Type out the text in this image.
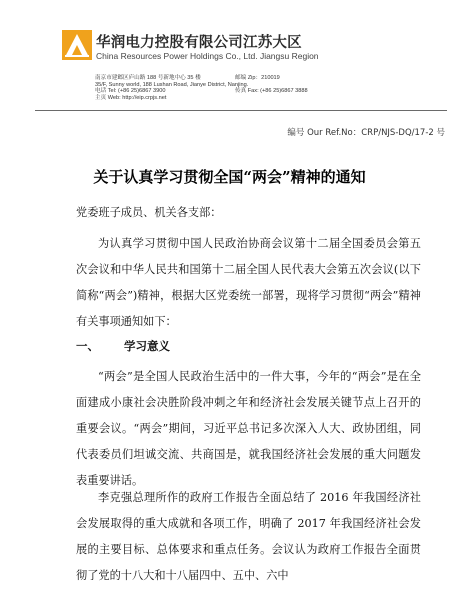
华润电力控股有限公司江苏大区
China Resources Power Holdings Co., Ltd. Jiangsu Region
南京市建邺区庐山路 188 号新地中心 35 楼	邮编 Zip：210019
35/F, Sunny world, 188 Lushan Road, Jianye District, Nanjing.
电话 Tel: (+86 25)6867 3900	传真 Fax: (+86 25)6867 3888
主页 Web: http://eip.crpjs.net
编号 Our Ref.No：CRP/NJS-DQ/17-2 号
关于认真学习贯彻全国“两会”精神的通知
党委班子成员、机关各支部：
为认真学习贯彻中国人民政治协商会议第十二届全国委员会第五次会议和中华人民共和国第十二届全国人民代表大会第五次会议(以下简称“两会”)精神，根据大区党委统一部署，现将学习贯彻“两会”精神有关事项通知如下：
一、 学习意义
“两会”是全国人民政治生活中的一件大事，今年的“两会”是在全面建成小康社会决胜阶段冲刺之年和经济社会发展关键节点上召开的重要会议。“两会”期间，习近平总书记多次深入人大、政协团组，同代表委员们坦诚交流、共商国是，就我国经济社会发展的重大问题发表重要讲话。
李克强总理所作的政府工作报告全面总结了 2016 年我国经济社会发展取得的重大成就和各项工作，明确了 2017 年我国经济社会发展的主要目标、总体要求和重点任务。会议认为政府工作报告全面贯彻了党的十八大和十八届四中、五中、六中
